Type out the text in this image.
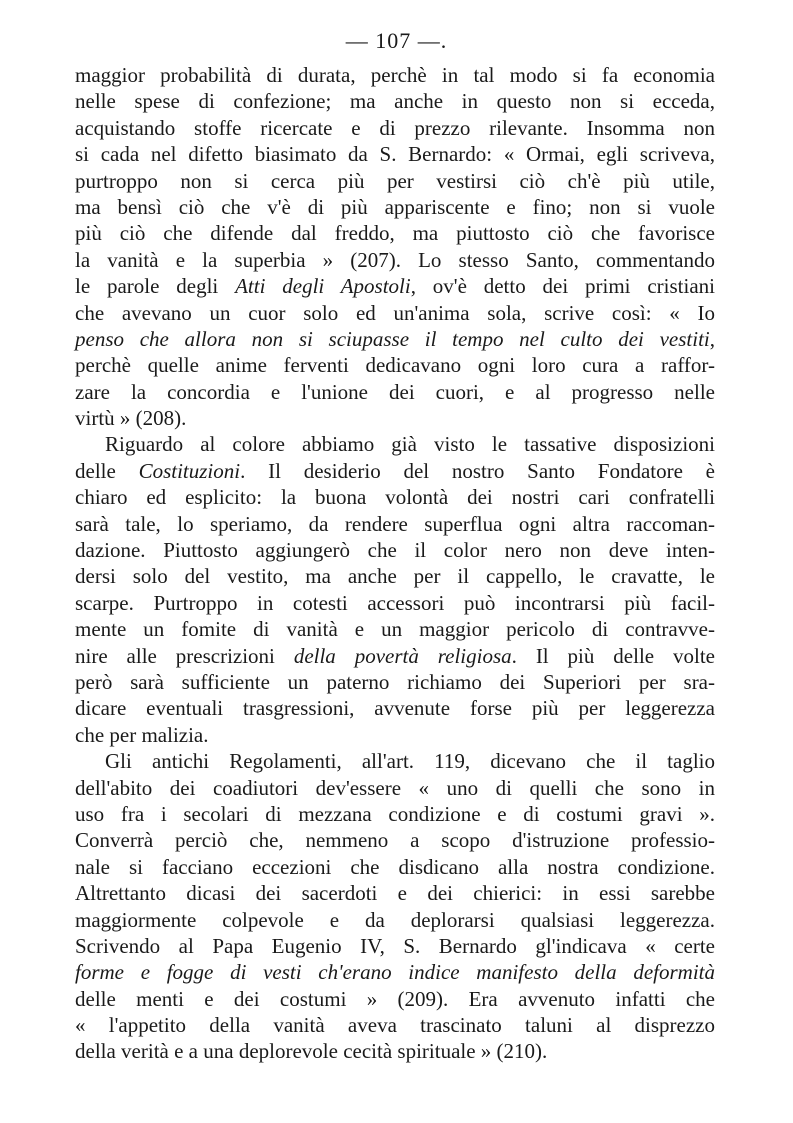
— 107 —.
maggior probabilità di durata, perchè in tal modo si fa economia
nelle spese di confezione; ma anche in questo non si ecceda,
acquistando stoffe ricercate e di prezzo rilevante. Insomma non
si cada nel difetto biasimato da S. Bernardo: « Ormai, egli scriveva,
purtroppo non si cerca più per vestirsi ciò ch'è più utile,
ma bensì ciò che v'è di più appariscente e fino; non si vuole
più ciò che difende dal freddo, ma piuttosto ciò che favorisce
la vanità e la superbia » (207). Lo stesso Santo, commentando
le parole degli Atti degli Apostoli, ov'è detto dei primi cristiani
che avevano un cuor solo ed un'anima sola, scrive così: « Io
penso che allora non si sciupasse il tempo nel culto dei vestiti,
perchè quelle anime ferventi dedicavano ogni loro cura a raffor-
zare la concordia e l'unione dei cuori, e al progresso nelle
virtù » (208).
Riguardo al colore abbiamo già visto le tassative disposizioni
delle Costituzioni. Il desiderio del nostro Santo Fondatore è
chiaro ed esplicito: la buona volontà dei nostri cari confratelli
sarà tale, lo speriamo, da rendere superflua ogni altra raccoman-
dazione. Piuttosto aggiungerò che il color nero non deve inten-
dersi solo del vestito, ma anche per il cappello, le cravatte, le
scarpe. Purtroppo in cotesti accessori può incontrarsi più facil-
mente un fomite di vanità e un maggior pericolo di contravve-
nire alle prescrizioni della povertà religiosa. Il più delle volte
però sarà sufficiente un paterno richiamo dei Superiori per sra-
dicare eventuali trasgressioni, avvenute forse più per leggerezza
che per malizia.
Gli antichi Regolamenti, all'art. 119, dicevano che il taglio
dell'abito dei coadiutori dev'essere « uno di quelli che sono in
uso fra i secolari di mezzana condizione e di costumi gravi ».
Converrà perciò che, nemmeno a scopo d'istruzione professio-
nale si facciano eccezioni che disdicano alla nostra condizione.
Altrettanto dicasi dei sacerdoti e dei chierici: in essi sarebbe
maggiormente colpevole e da deplorarsi qualsiasi leggerezza.
Scrivendo al Papa Eugenio IV, S. Bernardo gl'indicava « certe
forme e fogge di vesti ch'erano indice manifesto della deformità
delle menti e dei costumi » (209). Era avvenuto infatti che
« l'appetito della vanità aveva trascinato taluni al disprezzo
della verità e a una deplorevole cecità spirituale » (210).
